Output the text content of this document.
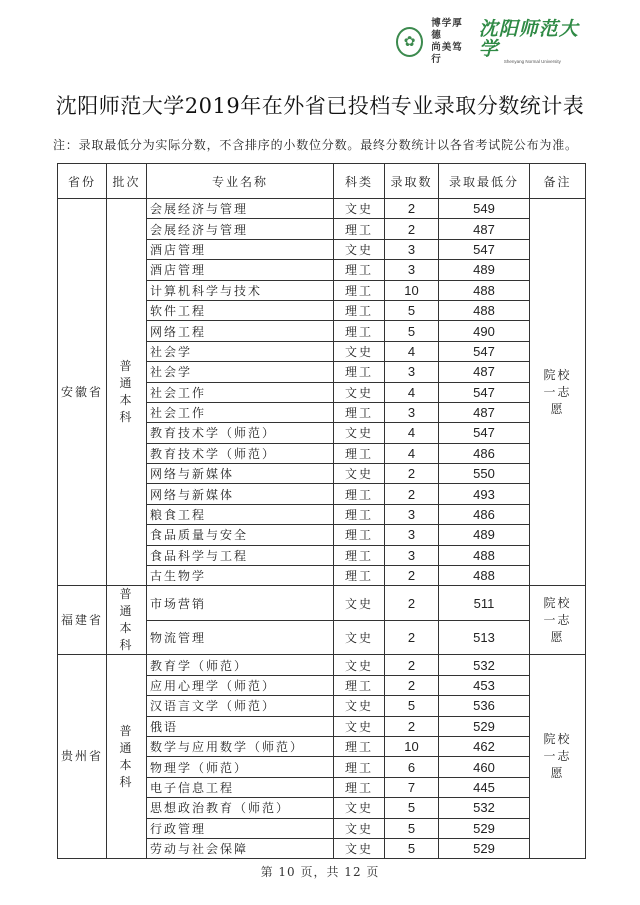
✿
博学厚德
尚美笃行
沈阳师范大学
Shenyang Normal University
沈阳师范大学2019年在外省已投档专业录取分数统计表
注：录取最低分为实际分数，不含排序的小数位分数。最终分数统计以各省考试院公布为准。
省份	批次	专业名称	科类	录取数	录取最低分	备注
安徽省	普通本科	会展经济与管理	文史	2	549	院校一志愿
		会展经济与管理	理工	2	487	
		酒店管理	文史	3	547	
		酒店管理	理工	3	489	
		计算机科学与技术	理工	10	488	
		软件工程	理工	5	488	
		网络工程	理工	5	490	
		社会学	文史	4	547	
		社会学	理工	3	487	
		社会工作	文史	4	547	
		社会工作	理工	3	487	
		教育技术学（师范）	文史	4	547	
		教育技术学（师范）	理工	4	486	
		网络与新媒体	文史	2	550	
		网络与新媒体	理工	2	493	
		粮食工程	理工	3	486	
		食品质量与安全	理工	3	489	
		食品科学与工程	理工	3	488	
		古生物学	理工	2	488	
福建省	普通本科	市场营销	文史	2	511	院校一志愿
		物流管理	文史	2	513	
贵州省	普通本科	教育学（师范）	文史	2	532	院校一志愿
		应用心理学（师范）	理工	2	453	
		汉语言文学（师范）	文史	5	536	
		俄语	文史	2	529	
		数学与应用数学（师范）	理工	10	462	
		物理学（师范）	理工	6	460	
		电子信息工程	理工	7	445	
		思想政治教育（师范）	文史	5	532	
		行政管理	文史	5	529	
		劳动与社会保障	文史	5	529	
第 10 页，共 12 页
